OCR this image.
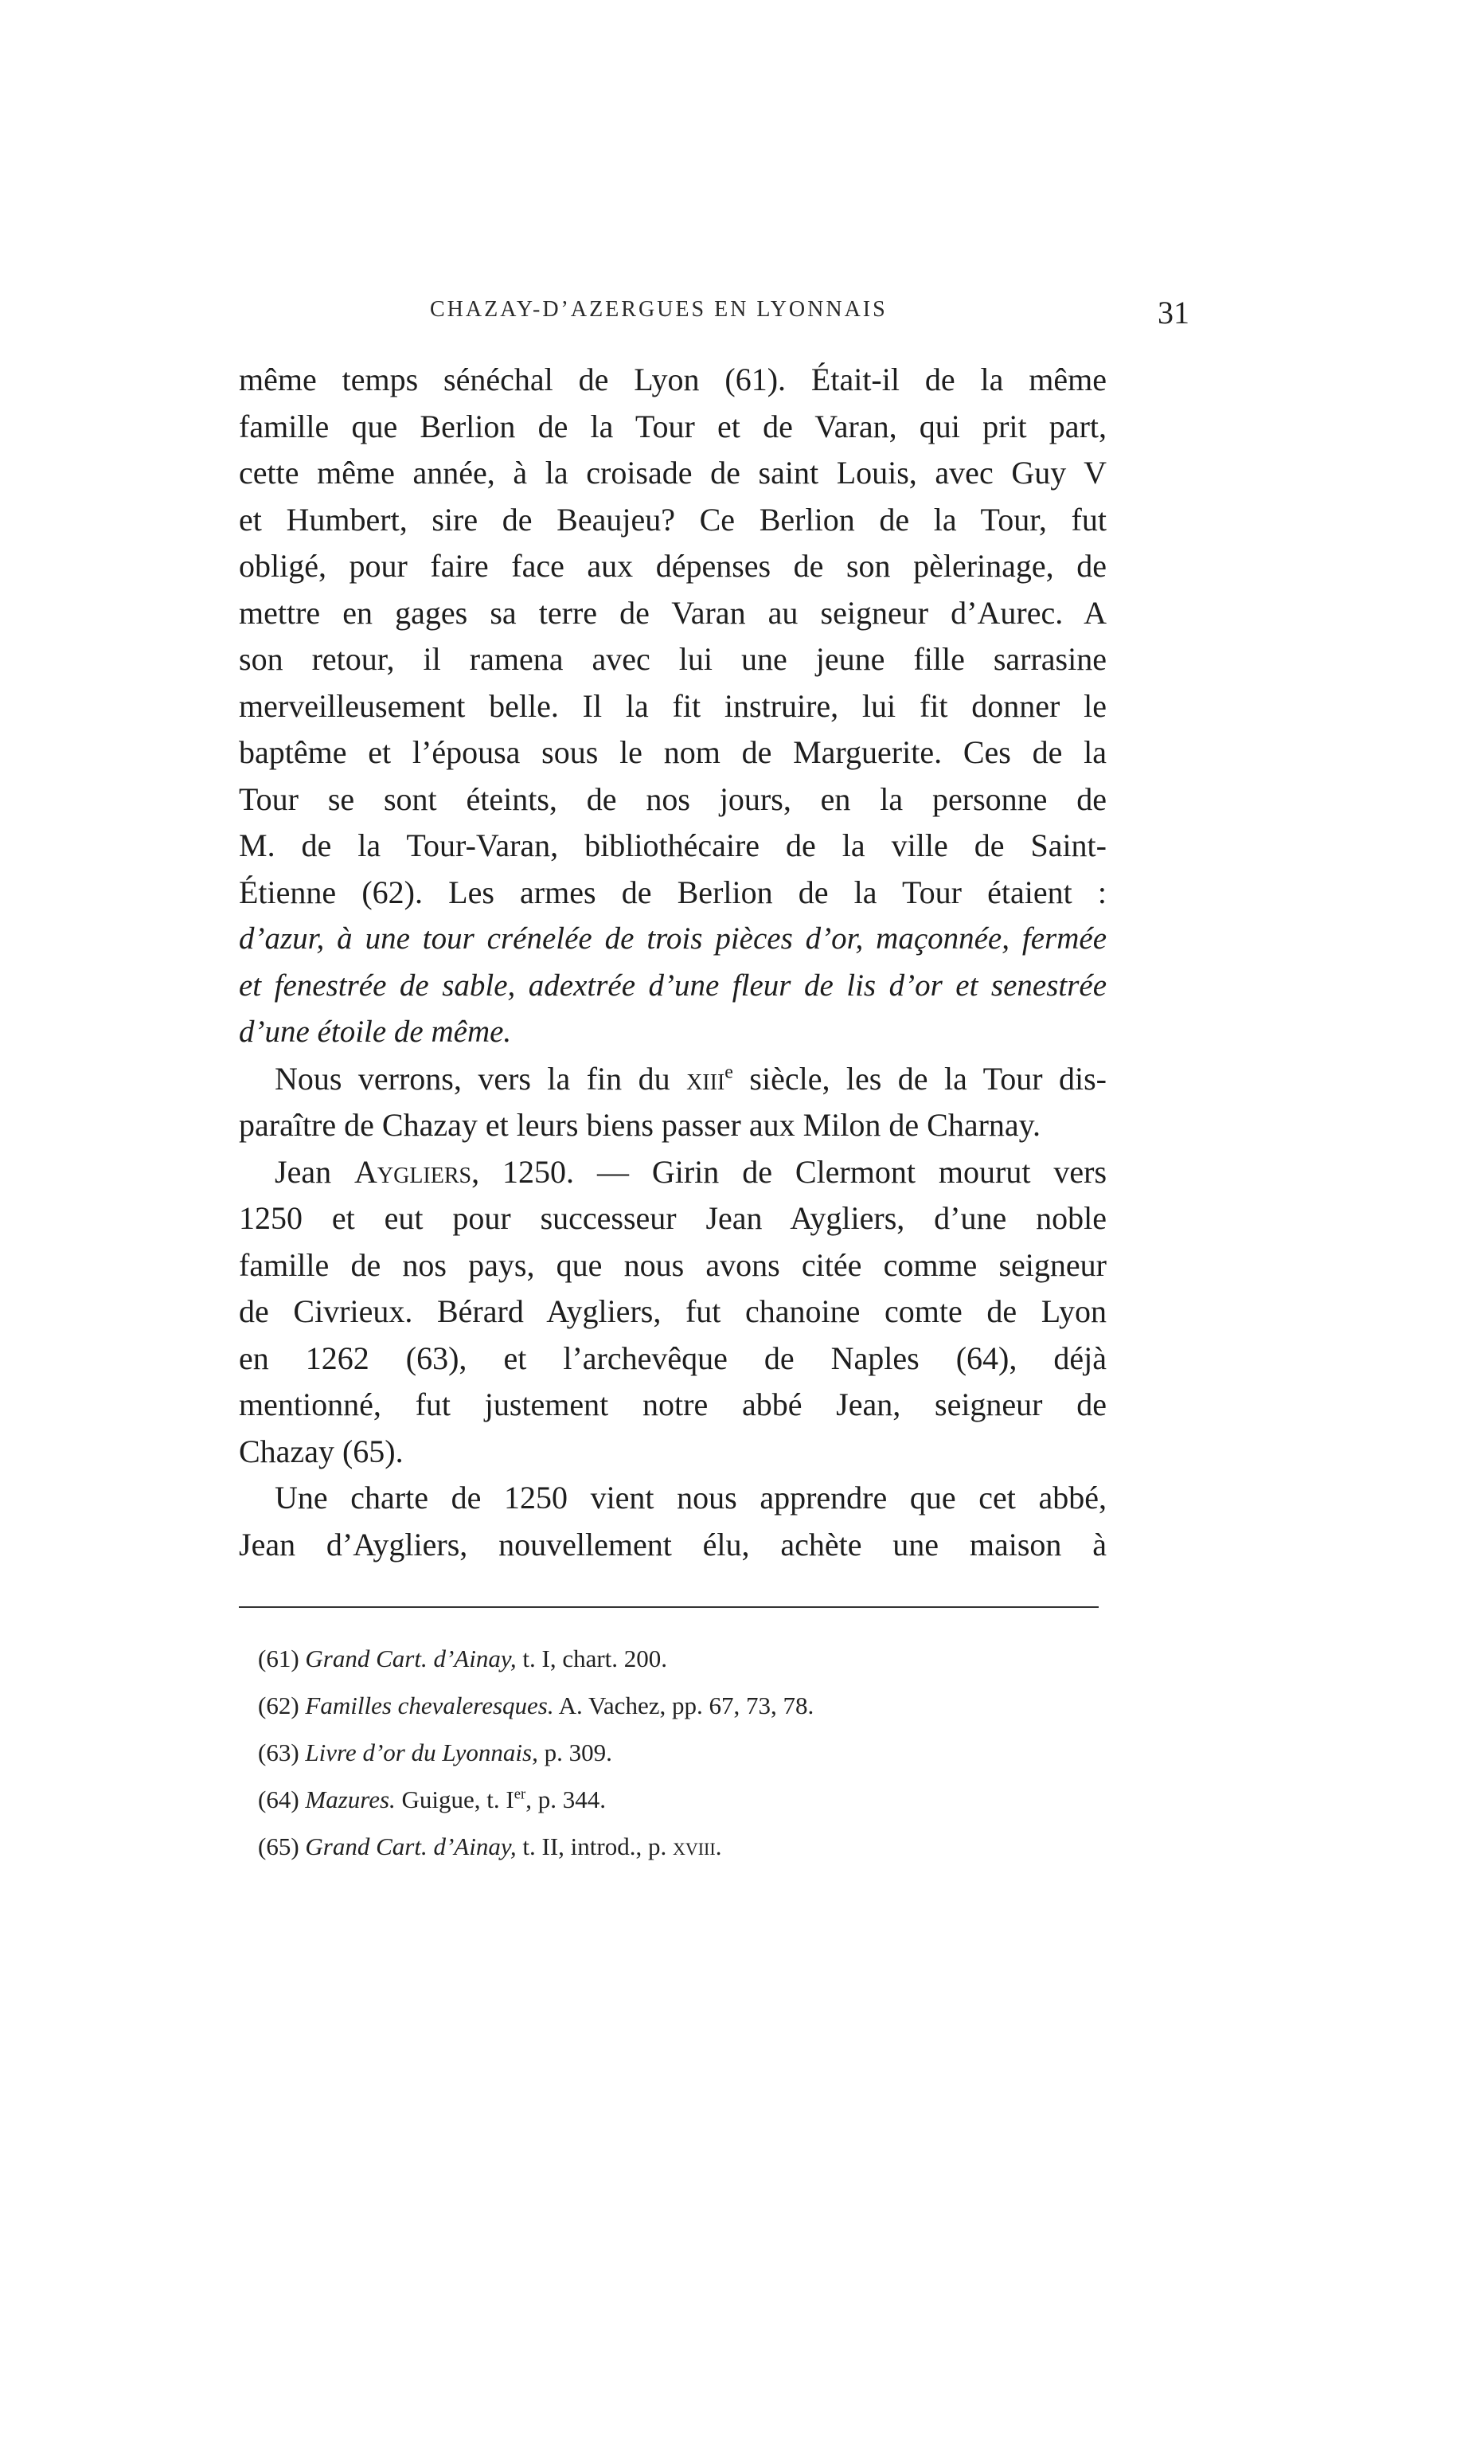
CHAZAY-D’AZERGUES EN LYONNAIS	31
même temps sénéchal de Lyon (61). Était-il de la même
famille que Berlion de la Tour et de Varan, qui prit part,
cette même année, à la croisade de saint Louis, avec Guy V
et Humbert, sire de Beaujeu? Ce Berlion de la Tour, fut
obligé, pour faire face aux dépenses de son pèlerinage, de
mettre en gages sa terre de Varan au seigneur d’Aurec. A
son retour, il ramena avec lui une jeune fille sarrasine
merveilleusement belle. Il la fit instruire, lui fit donner le
baptême et l’épousa sous le nom de Marguerite. Ces de la
Tour se sont éteints, de nos jours, en la personne de
M. de la Tour-Varan, bibliothécaire de la ville de Saint-
Étienne (62). Les armes de Berlion de la Tour étaient :
d’azur, à une tour crénelée de trois pièces d’or, maçonnée, fermée
et fenestrée de sable, adextrée d’une fleur de lis d’or et senestrée
d’une étoile de même.
Nous verrons, vers la fin du xiii$^e$ siècle, les de la Tour dis-
paraître de Chazay et leurs biens passer aux Milon de Charnay.
Jean Aygliers, 1250. — Girin de Clermont mourut vers
1250 et eut pour successeur Jean Aygliers, d’une noble
famille de nos pays, que nous avons citée comme seigneur
de Civrieux. Bérard Aygliers, fut chanoine comte de Lyon
en 1262 (63), et l’archevêque de Naples (64), déjà
mentionné, fut justement notre abbé Jean, seigneur de
Chazay (65).
Une charte de 1250 vient nous apprendre que cet abbé,
Jean d’Aygliers, nouvellement élu, achète une maison à
(61) Grand Cart. d’Ainay, t. I, chart. 200.
(62) Familles chevaleresques. A. Vachez, pp. 67, 73, 78.
(63) Livre d’or du Lyonnais, p. 309.
(64) Mazures. Guigue, t. Ier, p. 344.
(65) Grand Cart. d’Ainay, t. II, introd., p. xviii.
